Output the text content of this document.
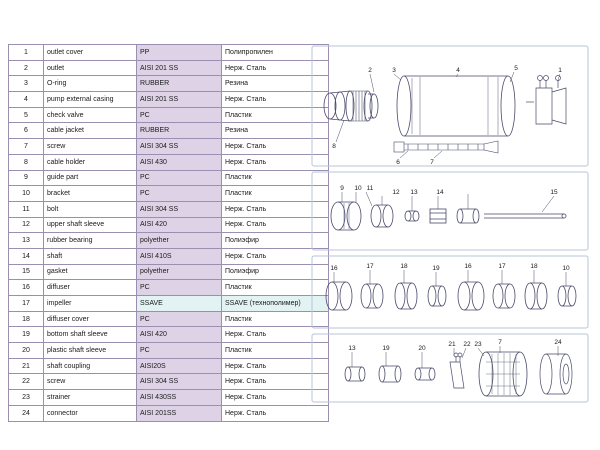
1	outlet cover	PP	Полипропилен
2	outlet	AISI 201 SS	Нерж. Сталь
3	O-ring	RUBBER	Резина
4	pump external casing	AISI 201 SS	Нерж. Сталь
5	check valve	PC	Пластик
6	cable jacket	RUBBER	Резина
7	screw	AISI 304 SS	Нерж. Сталь
8	cable holder	AISI 430	Нерж. Сталь
9	guide part	PC	Пластик
10	bracket	PC	Пластик
11	bolt	AISI 304 SS	Нерж. Сталь
12	upper shaft sleeve	AISI 420	Нерж. Сталь
13	rubber bearing	polyether	Полиэфир
14	shaft	AISI 410S	Нерж. Сталь
15	gasket	polyether	Полиэфир
16	diffuser	PC	Пластик
17	impeller	SSAVE	SSAVE (технополимер)
18	diffuser cover	PC	Пластик
19	bottom shaft sleeve	AISI 420	Нерж. Сталь
20	plastic shaft sleeve	PC	Пластик
21	shaft coupling	AISI20S	Нерж. Сталь
22	screw	AISI 304 SS	Нерж. Сталь
23	strainer	AISI 430SS	Нерж. Сталь
24	connector	AISI 201SS	Нерж. Сталь
2	3	4	5	1
6	7
8
9 10 11
12 13	14	15
16	17	18	19	16	17	18	10
13	19	20
21 22 23	7	24
